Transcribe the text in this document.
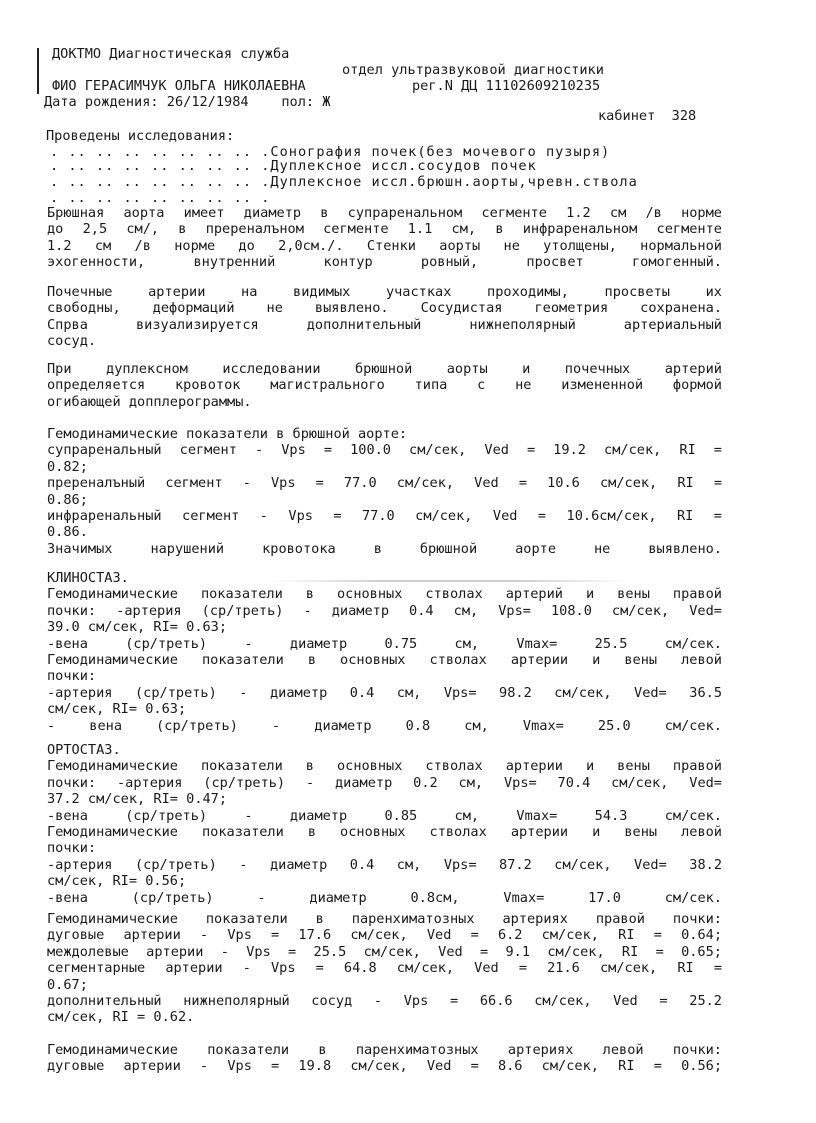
ДОКТМО Диагностическая служба
отдел ультразвуковой диагностики
ФИО ГЕРАСИМЧУК ОЛЬГА НИКОЛАЕВНА	рег.N ДЦ 11102609210235
Дата рождения: 26/12/1984    пол: Ж
кабинет  328
Проведены исследования:
. .. .. .. .. .. .. .. .Сонография почек(без мочевого пузыря)
. .. .. .. .. .. .. .. .Дуплексное иссл.сосудов почек
. .. .. .. .. .. .. .. .Дуплексное иссл.брюшн.аорты,чревн.ствола
. .. .. .. .. .. .. .. .
Брюшная аорта имеет диаметр в супраренальном сегменте 1.2 см /в норме
до 2,5 см/, в пререналъном сегменте 1.1 см, в инфраренальном сегменте
1.2 см /в норме до 2,0см./. Стенки аорты не утолщены, нормальной
эхогенности, внутренний контур ровный, просвет гомогенный.
Почечные артерии на видимых участках проходимы, просветы их
свободны, деформаций не выявлено. Сосудистая геометрия сохранена.
Спрва визуализируется дополнительный нижнеполярный артериальный
сосуд.
При дуплексном исследовании брюшной аорты и почечных артерий
определяется кровоток магистрального типа с не измененной формой
огибающей допплерограммы.
Гемодинамические показатели в брюшной аорте:
супраренальный сегмент - Vps = 100.0 см/сек, Ved = 19.2 см/сек, RI =
0.82;
пререналъный сегмент - Vps = 77.0 см/сек, Ved = 10.6 см/сек, RI =
0.86;
инфраренальный сегмент - Vps = 77.0 см/сек, Ved = 10.6см/сек, RI =
0.86.
Значимых нарушений кровотока в брюшной аорте не выявлено.
КЛИНОСТАЗ.
Гемодинамические показатели в основных стволах артерий и вены правой
почки: -артерия (ср/треть) - диаметр 0.4 см, Vps= 108.0 см/сек, Ved=
39.0 см/сек, RI= 0.63;
-вена (ср/треть) - диаметр 0.75 см, Vmax= 25.5 см/сек.
Гемодинамические показатели в основных стволах артерии и вены левой
почки:
-артерия (ср/треть) - диаметр 0.4 см, Vps= 98.2 см/сек, Ved= 36.5
см/сек, RI= 0.63;
- вена (ср/треть) - диаметр 0.8 см, Vmax= 25.0 см/сек.
ОРТОСТАЗ.
Гемодинамические показатели в основных стволах артерии и вены правой
почки: -артерия (ср/треть) - диаметр 0.2 см, Vps= 70.4 см/сек, Ved=
37.2 см/сек, RI= 0.47;
-вена (ср/треть) - диаметр 0.85 см, Vmax= 54.3 см/сек.
Гемодинамические показатели в основных стволах артерии и вены левой
почки:
-артерия (ср/треть) - диаметр 0.4 см, Vps= 87.2 см/сек, Ved= 38.2
см/сек, RI= 0.56;
-вена (ср/треть) - диаметр 0.8см, Vmax= 17.0 см/сек.
Гемодинамические показатели в паренхиматозных артериях правой почки:
дуговые артерии - Vps = 17.6 см/сек, Ved = 6.2 см/сек, RI = 0.64;
междолевые артерии - Vps = 25.5 см/сек, Ved = 9.1 см/сек, RI = 0.65;
сегментарные артерии - Vps = 64.8 см/сек, Ved = 21.6 см/сек, RI =
0.67;
дополнительный нижнеполярный сосуд - Vps = 66.6 см/сек, Ved = 25.2
см/сек, RI = 0.62.
Гемодинамические показатели в паренхиматозных артериях левой почки:
дуговые артерии - Vps = 19.8 см/сек, Ved = 8.6 см/сек, RI = 0.56;
